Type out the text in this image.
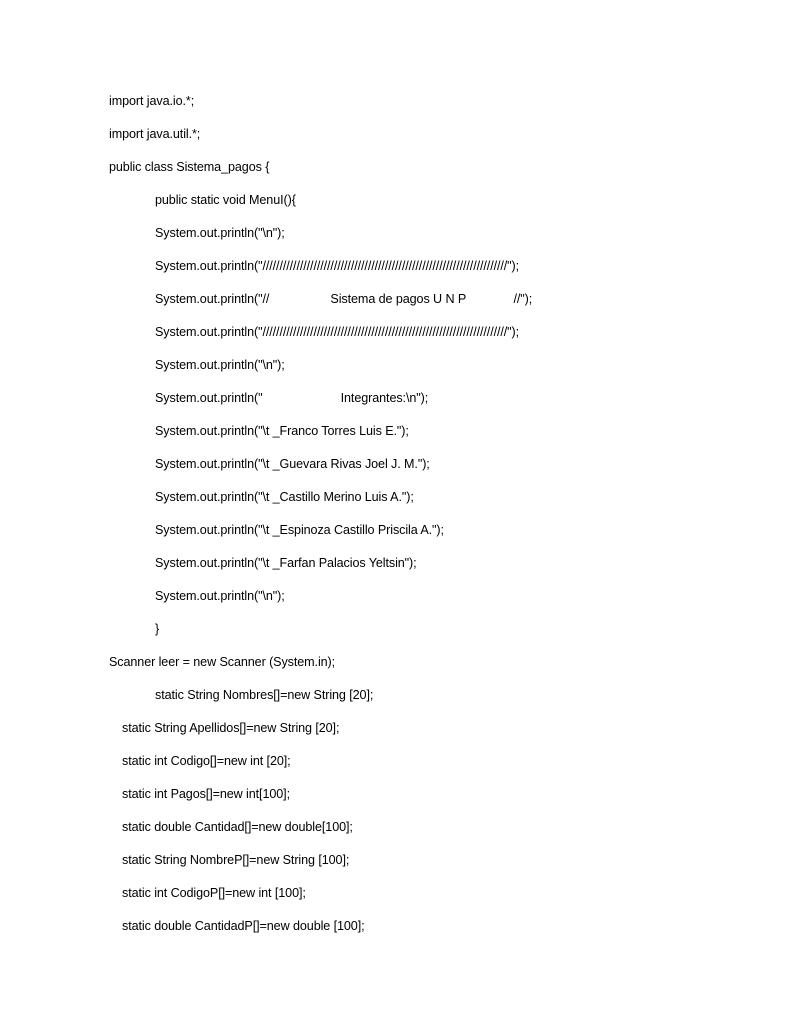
import java.io.*;
import java.util.*;
public class Sistema_pagos {
public static void MenuI(){
System.out.println("\n");
System.out.println("////////////////////////////////////////////////////////////////////////");
System.out.println("//                  Sistema de pagos U N P              //");
System.out.println("////////////////////////////////////////////////////////////////////////");
System.out.println("\n");
System.out.println("                       Integrantes:\n");
System.out.println("\t _Franco Torres Luis E.");
System.out.println("\t _Guevara Rivas Joel J. M.");
System.out.println("\t _Castillo Merino Luis A.");
System.out.println("\t _Espinoza Castillo Priscila A.");
System.out.println("\t _Farfan Palacios Yeltsin");
System.out.println("\n");
}
Scanner leer = new Scanner (System.in);
static String Nombres[]=new String [20];
static String Apellidos[]=new String [20];
static int Codigo[]=new int [20];
static int Pagos[]=new int[100];
static double Cantidad[]=new double[100];
static String NombreP[]=new String [100];
static int CodigoP[]=new int [100];
static double CantidadP[]=new double [100];
